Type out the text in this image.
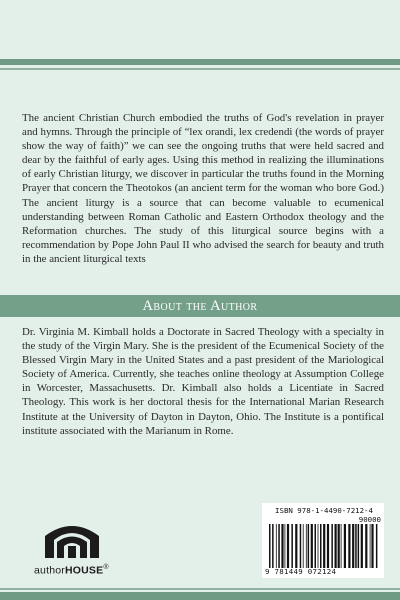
The ancient Christian Church embodied the truths of God's revelation in prayer and hymns. Through the principle of “lex orandi, lex credendi (the words of prayer show the way of faith)” we can see the ongoing truths that were held sacred and dear by the faithful of early ages. Using this method in realizing the illuminations of early Christian liturgy, we discover in particular the truths found in the Morning Prayer that concern the Theotokos (an ancient term for the woman who bore God.) The ancient liturgy is a source that can become valuable to ecumenical understanding between Roman Catholic and Eastern Orthodox theology and the Reformation churches. The study of this liturgical source begins with a recommendation by Pope John Paul II who advised the search for beauty and truth in the ancient liturgical texts

About the Author

Dr. Virginia M. Kimball holds a Doctorate in Sacred Theology with a specialty in the study of the Virgin Mary. She is the president of the Ecumenical Society of the Blessed Virgin Mary in the United States and a past president of the Mariological Society of America. Currently, she teaches online theology at Assumption College in Worcester, Massachusetts. Dr. Kimball also holds a Licentiate in Sacred Theology. This work is her doctoral thesis for the International Marian Research Institute at the University of Dayton in Dayton, Ohio. The Institute is a pontifical institute associated with the Marianum in Rome.

authorHOUSE®
ISBN 978-1-4490-7212-4
90000
9 781449 072124
